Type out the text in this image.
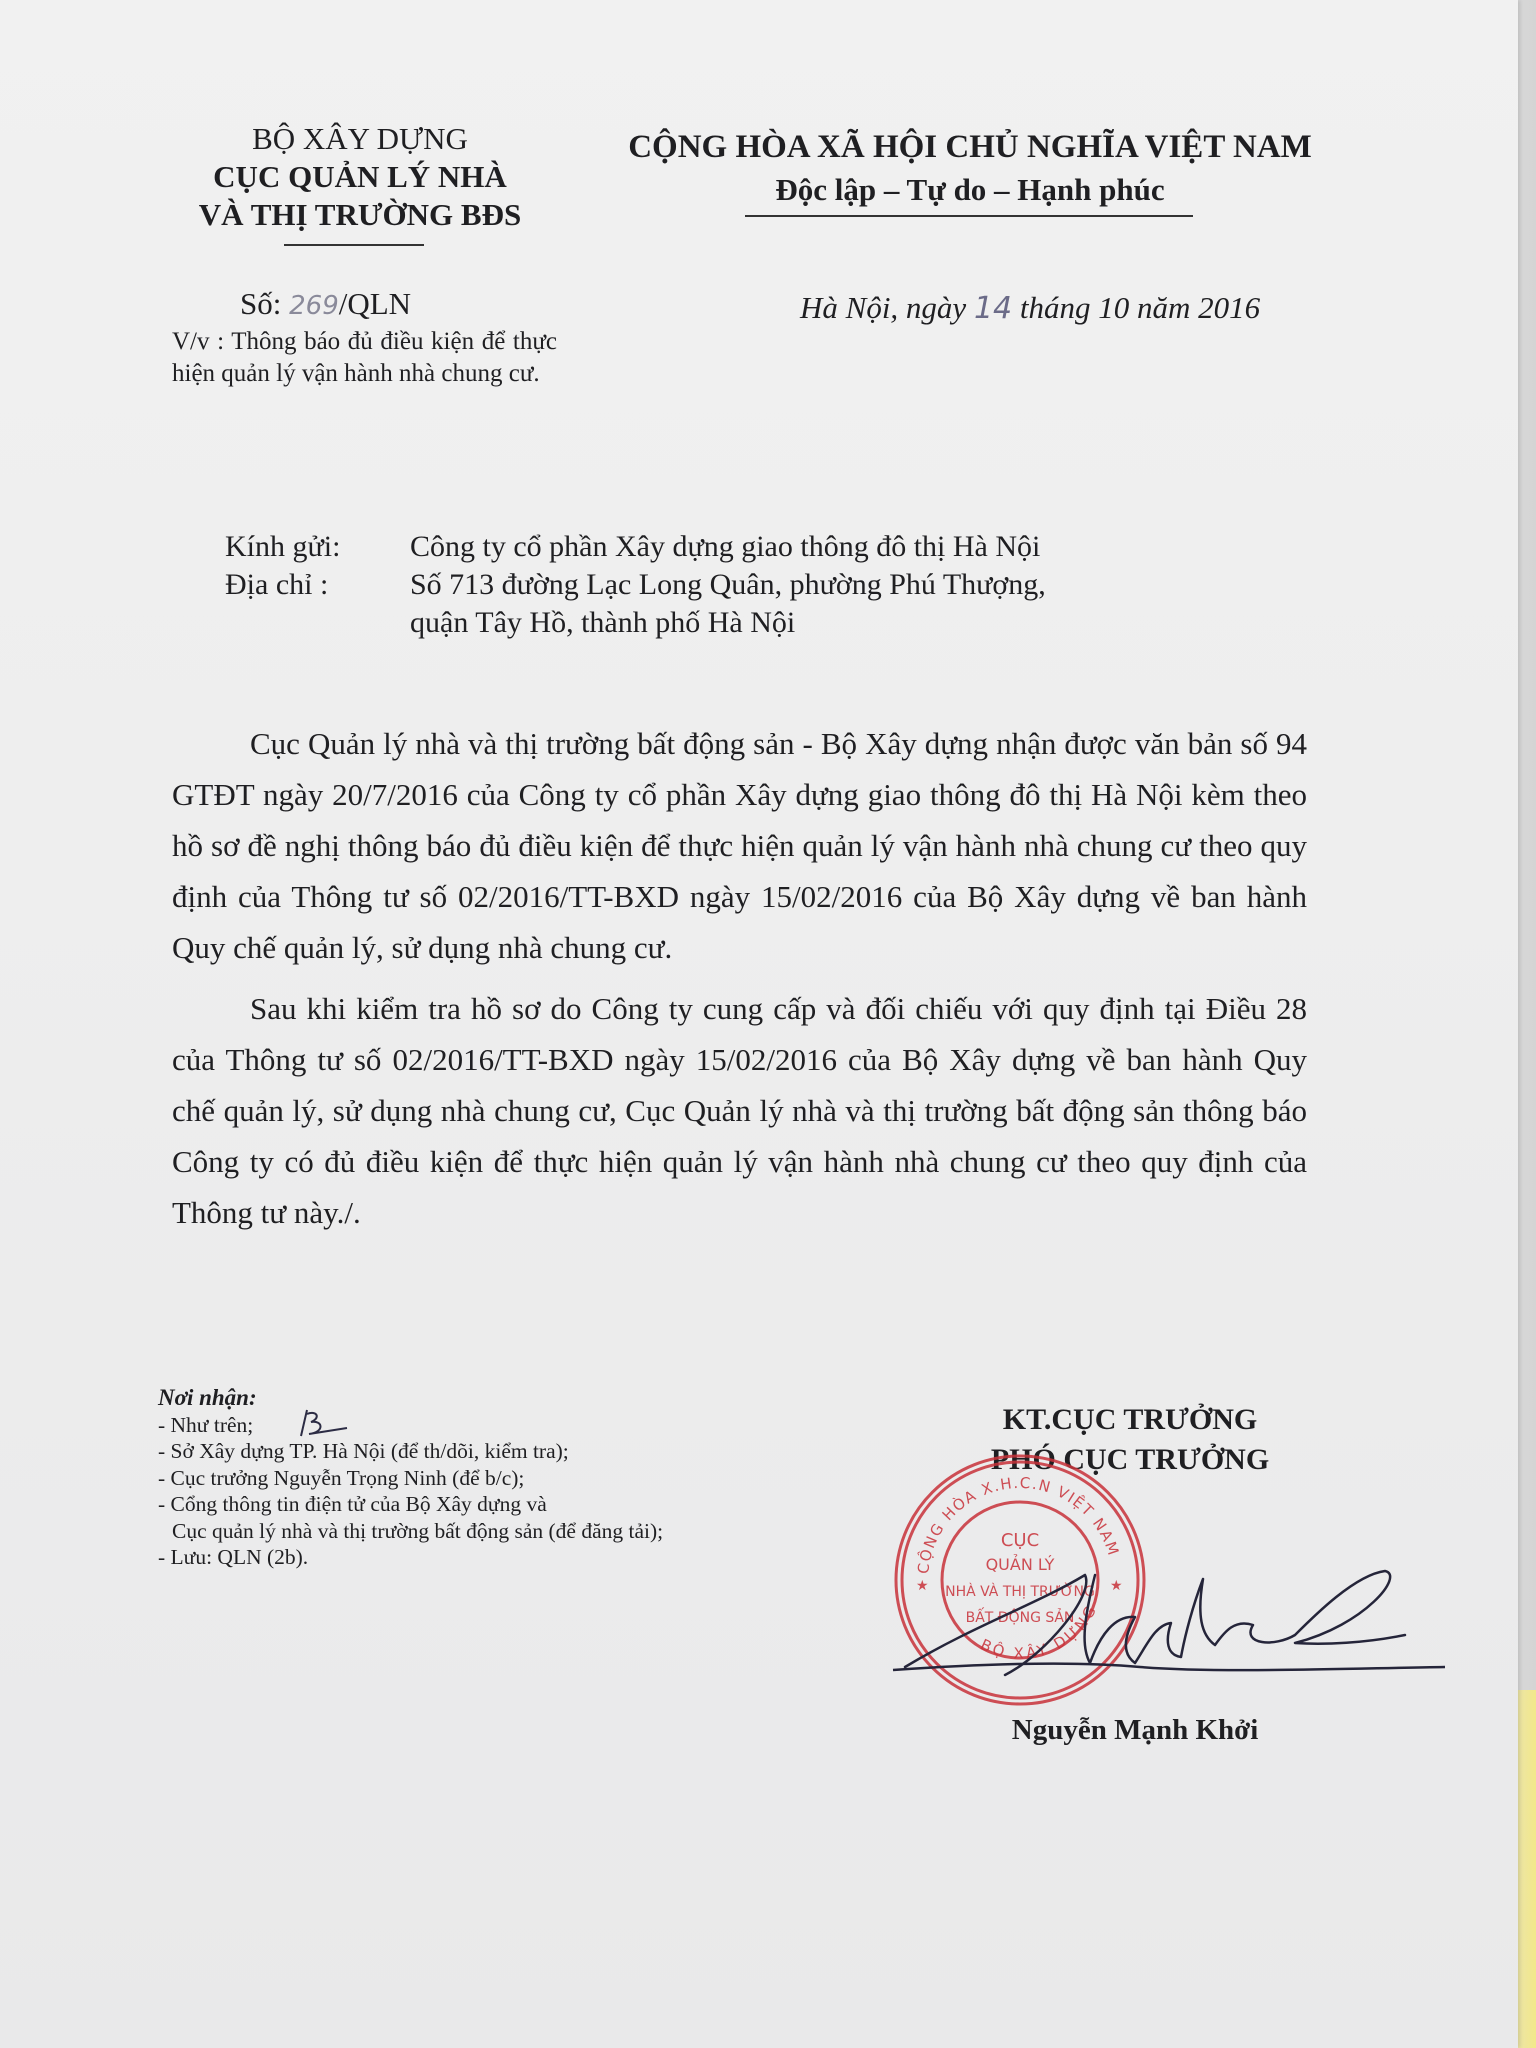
BỘ XÂY DỰNG
CỤC QUẢN LÝ NHÀ
VÀ THỊ TRƯỜNG BĐS
CỘNG HÒA XÃ HỘI CHỦ NGHĨA VIỆT NAM
Độc lập – Tự do – Hạnh phúc
Số: 269/QLN
V/v : Thông báo đủ điều kiện để thực hiện quản lý vận hành nhà chung cư.
Hà Nội, ngày 14 tháng 10 năm 2016
Kính gửi: Công ty cổ phần Xây dựng giao thông đô thị Hà Nội
Địa chỉ :	Số 713 đường Lạc Long Quân, phường Phú Thượng,
quận Tây Hồ, thành phố Hà Nội

Cục Quản lý nhà và thị trường bất động sản - Bộ Xây dựng nhận được văn bản số 94 GTĐT ngày 20/7/2016 của Công ty cổ phần Xây dựng giao thông đô thị Hà Nội kèm theo hồ sơ đề nghị thông báo đủ điều kiện để thực hiện quản lý vận hành nhà chung cư theo quy định của Thông tư số 02/2016/TT-BXD ngày 15/02/2016 của Bộ Xây dựng về ban hành Quy chế quản lý, sử dụng nhà chung cư.

Sau khi kiểm tra hồ sơ do Công ty cung cấp và đối chiếu với quy định tại Điều 28 của Thông tư số 02/2016/TT-BXD ngày 15/02/2016 của Bộ Xây dựng về ban hành Quy chế quản lý, sử dụng nhà chung cư, Cục Quản lý nhà và thị trường bất động sản thông báo Công ty có đủ điều kiện để thực hiện quản lý vận hành nhà chung cư theo quy định của Thông tư này./.

Nơi nhận:
- Như trên;
- Sở Xây dựng TP. Hà Nội (để th/dõi, kiểm tra);
- Cục trưởng Nguyễn Trọng Ninh (để b/c);
- Cổng thông tin điện tử của Bộ Xây dựng và
Cục quản lý nhà và thị trường bất động sản (để đăng tải);
- Lưu: QLN (2b).
KT.CỤC TRƯỞNG
PHÓ CỤC TRƯỞNG
Nguyễn Mạnh Khởi
CỘNG HÒA X.H.C.N VIỆT NAM
BỘ XÂY DỰNG
CỤC
QUẢN LÝ
NHÀ VÀ THỊ TRƯỜNG
BẤT ĐỘNG SẢN
★	★
